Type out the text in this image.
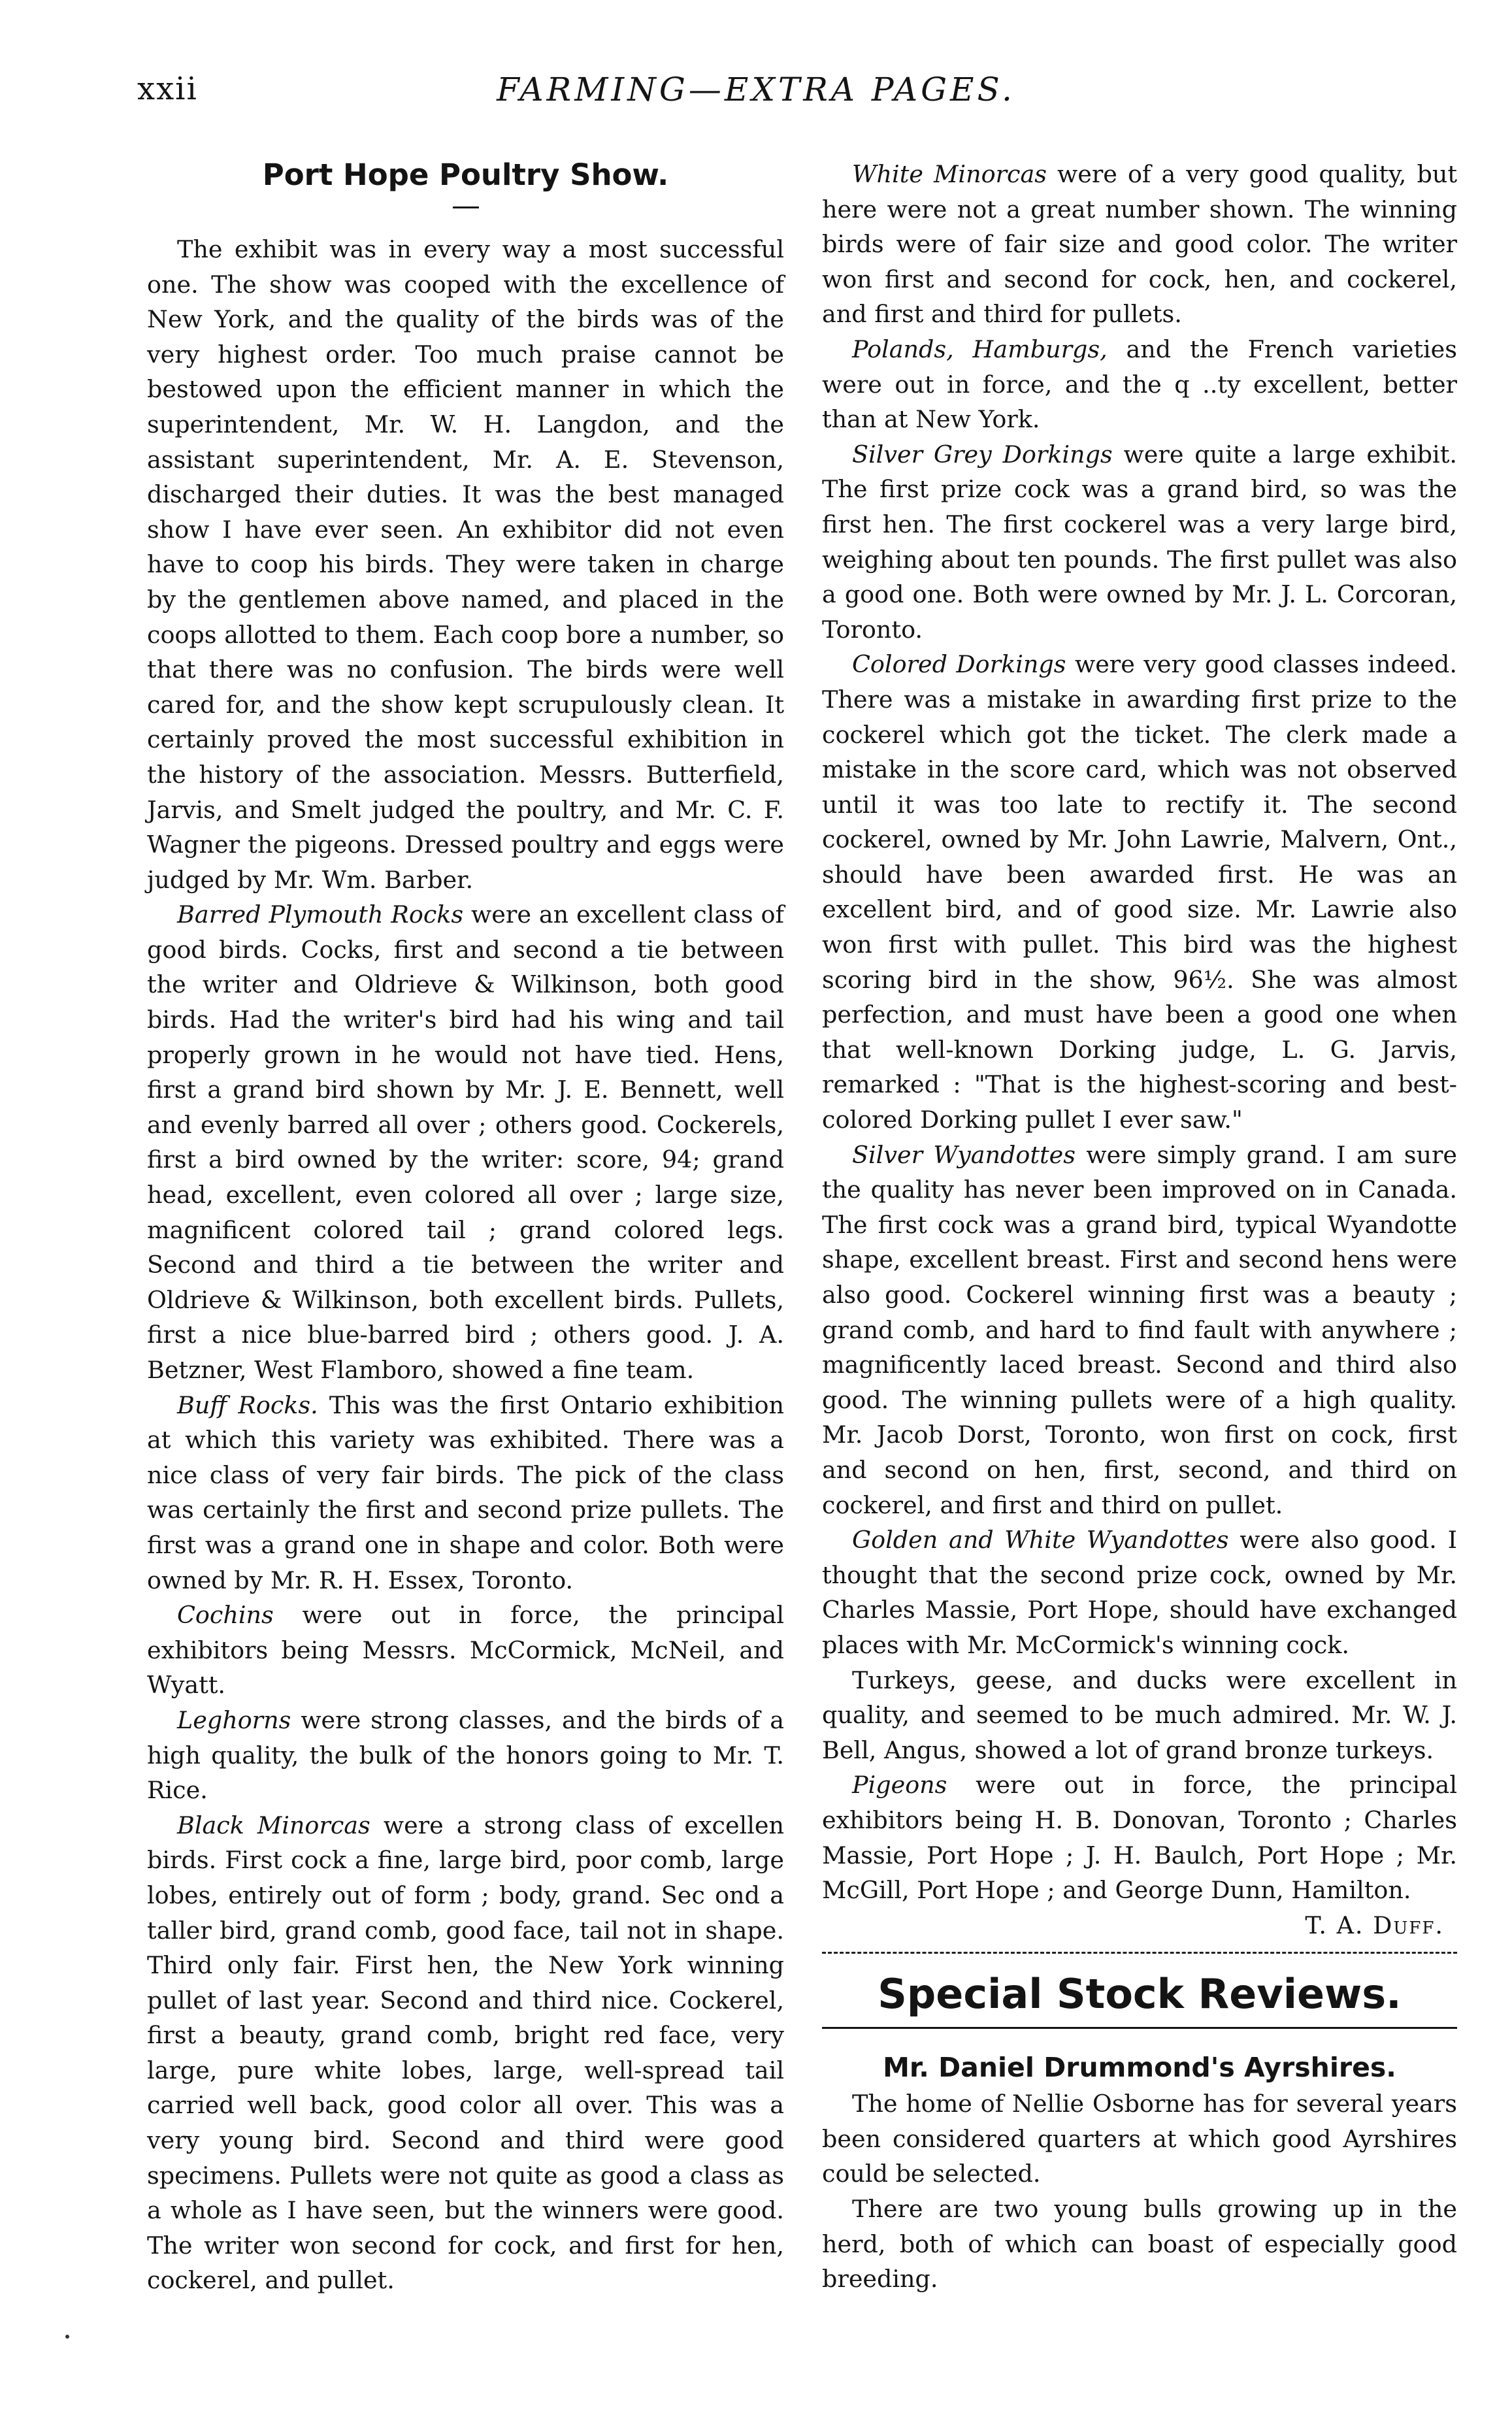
xxii	FARMING—EXTRA PAGES.
Port Hope Poultry Show.

The exhibit was in every way a most successful one. The show was cooped with the excellence of New York, and the quality of the birds was of the very highest order. Too much praise cannot be bestowed upon the efficient manner in which the superintendent, Mr. W. H. Langdon, and the assistant superintendent, Mr. A. E. Stevenson, discharged their duties. It was the best managed show I have ever seen. An exhibitor did not even have to coop his birds. They were taken in charge by the gentlemen above named, and placed in the coops allotted to them. Each coop bore a number, so that there was no confusion. The birds were well cared for, and the show kept scrupulously clean. It certainly proved the most successful exhibition in the history of the association. Messrs. Butterfield, Jarvis, and Smelt judged the poultry, and Mr. C. F. Wagner the pigeons. Dressed poultry and eggs were judged by Mr. Wm. Barber.

Barred Plymouth Rocks were an excellent class of good birds. Cocks, first and second a tie between the writer and Oldrieve & Wilkinson, both good birds. Had the writer's bird had his wing and tail properly grown in he would not have tied. Hens, first a grand bird shown by Mr. J. E. Bennett, well and evenly barred all over ; others good. Cockerels, first a bird owned by the writer: score, 94; grand head, excellent, even colored all over ; large size, magnificent colored tail ; grand colored legs. Second and third a tie between the writer and Oldrieve & Wilkinson, both excellent birds. Pullets, first a nice blue-barred bird ; others good. J. A. Betzner, West Flamboro, showed a fine team.

Buff Rocks. This was the first Ontario exhibition at which this variety was exhibited. There was a nice class of very fair birds. The pick of the class was certainly the first and second prize pullets. The first was a grand one in shape and color. Both were owned by Mr. R. H. Essex, Toronto.

Cochins were out in force, the principal exhibitors being Messrs. McCormick, McNeil, and Wyatt.

Leghorns were strong classes, and the birds of a high quality, the bulk of the honors going to Mr. T. Rice.

Black Minorcas were a strong class of excellen birds. First cock a fine, large bird, poor comb, large lobes, entirely out of form ; body, grand. Sec ond a taller bird, grand comb, good face, tail not in shape. Third only fair. First hen, the New York winning pullet of last year. Second and third nice. Cockerel, first a beauty, grand comb, bright red face, very large, pure white lobes, large, well-spread tail carried well back, good color all over. This was a very young bird. Second and third were good specimens. Pullets were not quite as good a class as a whole as I have seen, but the winners were good. The writer won second for cock, and first for hen, cockerel, and pullet.

White Minorcas were of a very good quality, but here were not a great number shown. The winning birds were of fair size and good color. The writer won first and second for cock, hen, and cockerel, and first and third for pullets.

Polands, Hamburgs, and the French varieties were out in force, and the q ..ty excellent, better than at New York.

Silver Grey Dorkings were quite a large exhibit. The first prize cock was a grand bird, so was the first hen. The first cockerel was a very large bird, weighing about ten pounds. The first pullet was also a good one. Both were owned by Mr. J. L. Corcoran, Toronto.

Colored Dorkings were very good classes indeed. There was a mistake in awarding first prize to the cockerel which got the ticket. The clerk made a mistake in the score card, which was not observed until it was too late to rectify it. The second cockerel, owned by Mr. John Lawrie, Malvern, Ont., should have been awarded first. He was an excellent bird, and of good size. Mr. Lawrie also won first with pullet. This bird was the highest scoring bird in the show, 96½. She was almost perfection, and must have been a good one when that well-known Dorking judge, L. G. Jarvis, remarked : "That is the highest-scoring and best-colored Dorking pullet I ever saw."

Silver Wyandottes were simply grand. I am sure the quality has never been improved on in Canada. The first cock was a grand bird, typical Wyandotte shape, excellent breast. First and second hens were also good. Cockerel winning first was a beauty ; grand comb, and hard to find fault with anywhere ; magnificently laced breast. Second and third also good. The winning pullets were of a high quality. Mr. Jacob Dorst, Toronto, won first on cock, first and second on hen, first, second, and third on cockerel, and first and third on pullet.

Golden and White Wyandottes were also good. I thought that the second prize cock, owned by Mr. Charles Massie, Port Hope, should have exchanged places with Mr. McCormick's winning cock.

Turkeys, geese, and ducks were excellent in quality, and seemed to be much admired. Mr. W. J. Bell, Angus, showed a lot of grand bronze turkeys.

Pigeons were out in force, the principal exhibitors being H. B. Donovan, Toronto ; Charles Massie, Port Hope ; J. H. Baulch, Port Hope ; Mr. McGill, Port Hope ; and George Dunn, Hamilton.

T. A. Duff.

Special Stock Reviews.
Mr. Daniel Drummond's Ayrshires.

The home of Nellie Osborne has for several years been considered quarters at which good Ayrshires could be selected.

There are two young bulls growing up in the herd, both of which can boast of especially good breeding.
